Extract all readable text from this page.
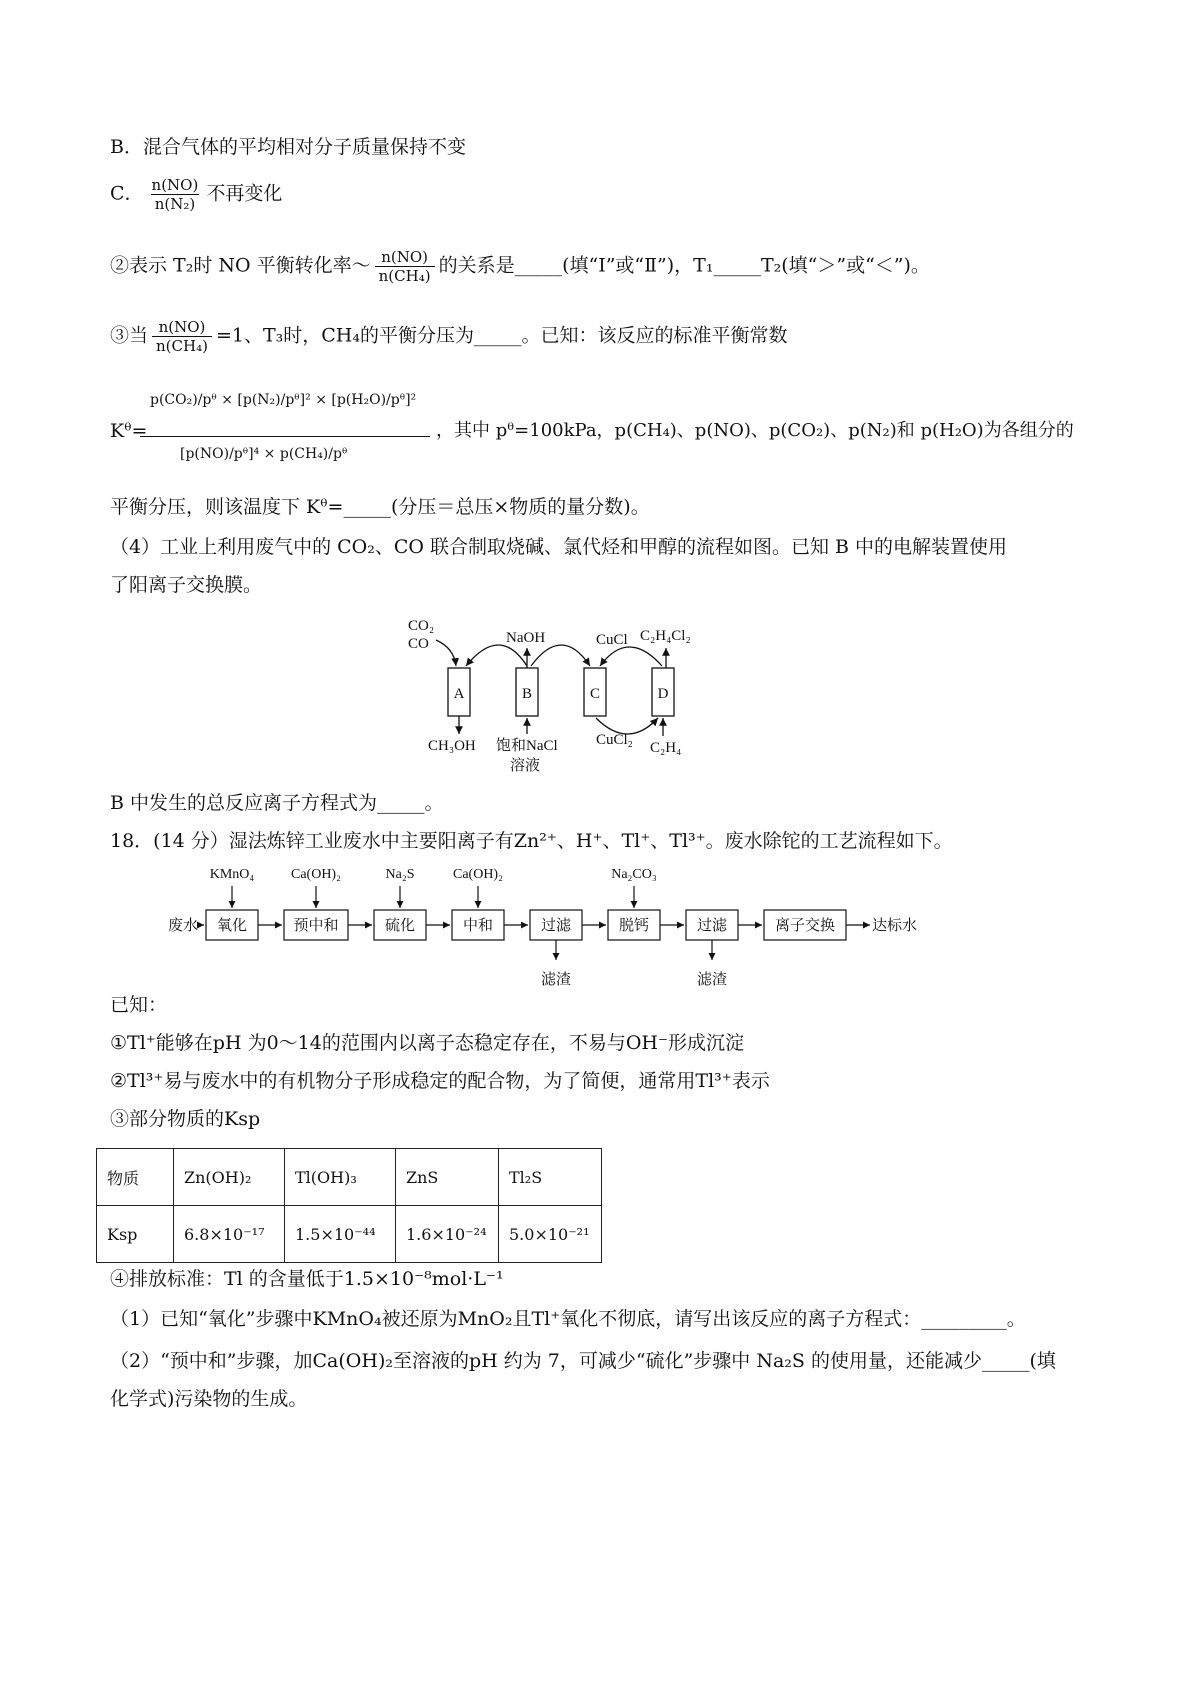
B．混合气体的平均相对分子质量保持不变
C． $\frac{n(NO)}{\text{n(N₂)}}$ 不再变化
②表示 T₂时 NO 平衡转化率～ $\frac{n(NO)}{\text{n(CH₄)}}$ 的关系是_____(填“I”或“Ⅱ”)，T₁_____T₂(填“＞”或“＜”)。
③当 $\frac{n(NO)}{\text{n(CH₄)}} =1$、T₃时，CH₄的平衡分压为_____。已知：该反应的标准平衡常数
Kᶿ=
p(CO₂)/pᶿ × [p(N₂)/pᶿ]² × [p(H₂O)/pᶿ]²
[p(NO)/pᶿ]⁴ × p(CH₄)/pᶿ
，其中 pᶿ=100kPa，p(CH₄)、p(NO)、p(CO₂)、p(N₂)和 p(H₂O)为各组分的
平衡分压，则该温度下 Kᶿ=_____(分压＝总压×物质的量分数)。
（4）工业上利用废气中的 CO₂、CO 联合制取烧碱、氯代烃和甲醇的流程如图。已知 B 中的电解装置使用
了阳离子交换膜。
CO₂
CO	NaOH	CuCl C₂H₄Cl₂
CH₃OH 饱和NaCl
溶液
CuCl₂ C₂H₄
A	B	C	D
B 中发生的总反应离子方程式为_____。
18．(14 分）湿法炼锌工业废水中主要阳离子有Zn²⁺、H⁺、Tl⁺、Tl³⁺。废水除铊的工艺流程如下。
废水 氧化
KMnO₄
预中和
Ca(OH)₂
硫化
Na₂S
中和
Ca(OH)₂
过滤
滤渣
脱钙
Na₂CO₃
过滤
滤渣
离子交换 达标水
已知：
①Tl⁺能够在pH 为0～14的范围内以离子态稳定存在，不易与OH⁻形成沉淀
②Tl³⁺易与废水中的有机物分子形成稳定的配合物，为了简便，通常用Tl³⁺表示
③部分物质的Ksp
物质	Zn(OH)₂	Tl(OH)₃	ZnS	Tl₂S
Ksp	6.8×10⁻¹⁷	1.5×10⁻⁴⁴	1.6×10⁻²⁴	5.0×10⁻²¹
④排放标准：Tl 的含量低于1.5×10⁻⁸mol·L⁻¹
（1）已知“氧化”步骤中KMnO₄被还原为MnO₂且Tl⁺氧化不彻底，请写出该反应的离子方程式：_________。
（2）“预中和”步骤，加Ca(OH)₂至溶液的pH 约为 7，可减少“硫化”步骤中 Na₂S 的使用量，还能减少_____(填
化学式)污染物的生成。
